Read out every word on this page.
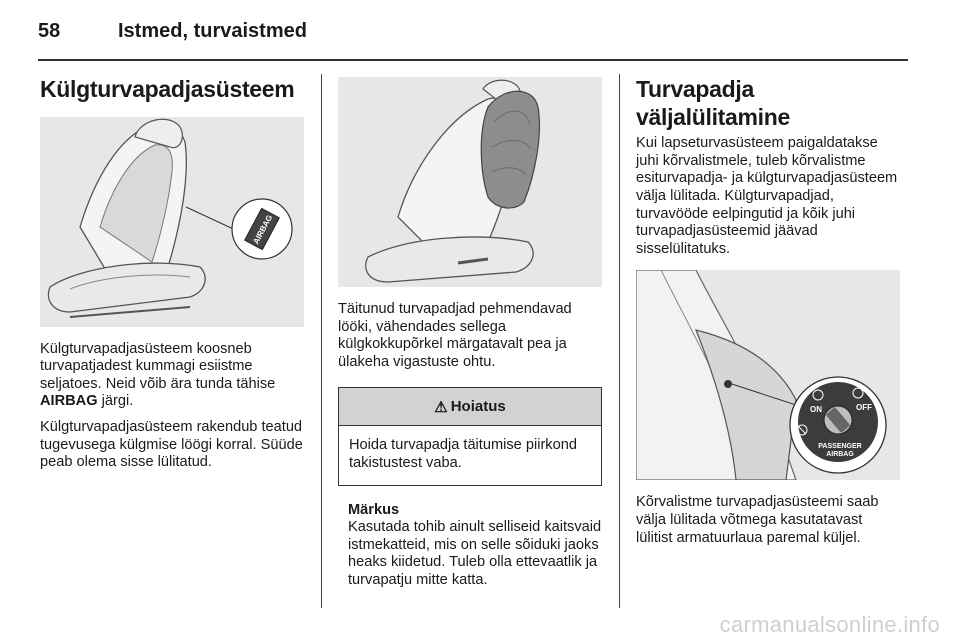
58	Istmed, turvaistmed
Külgturvapadjasüsteem
AIRBAG

Külgturvapadjasüsteem koosneb turvapatjadest kummagi esiistme seljatoes. Neid võib ära tunda tähise AIRBAG järgi.

Külgturvapadjasüsteem rakendub teatud tugevusega külgmise löögi korral. Süüde peab olema sisse lülitatud.

Täitunud turvapadjad pehmendavad lööki, vähendades sellega külgkokkupõrkel märgatavalt pea ja ülakeha vigastuste ohtu.

⚠ Hoiatus
Hoida turvapadja täitumise piirkond takistustest vaba.
Märkus
Kasutada tohib ainult selliseid kaitsvaid istmekatteid, mis on selle sõiduki jaoks heaks kiidetud. Tuleb olla ettevaatlik ja turvapatju mitte katta.
Turvapadja väljalülitamine

Kui lapseturvasüsteem paigaldatakse juhi kõrvalistmele, tuleb kõrvalistme esiturvapadja- ja külgturvapadjasüsteem välja lülitada. Külgturvapadjad, turvavööde eelpingutid ja kõik juhi turvapadjasüsteemid jäävad sisselülitatuks.

ON	OFF
PASSENGER
AIRBAG

Kõrvalistme turvapadjasüsteemi saab välja lülitada võtmega kasutatavast lülitist armatuurlaua paremal küljel.

carmanualsonline.info
